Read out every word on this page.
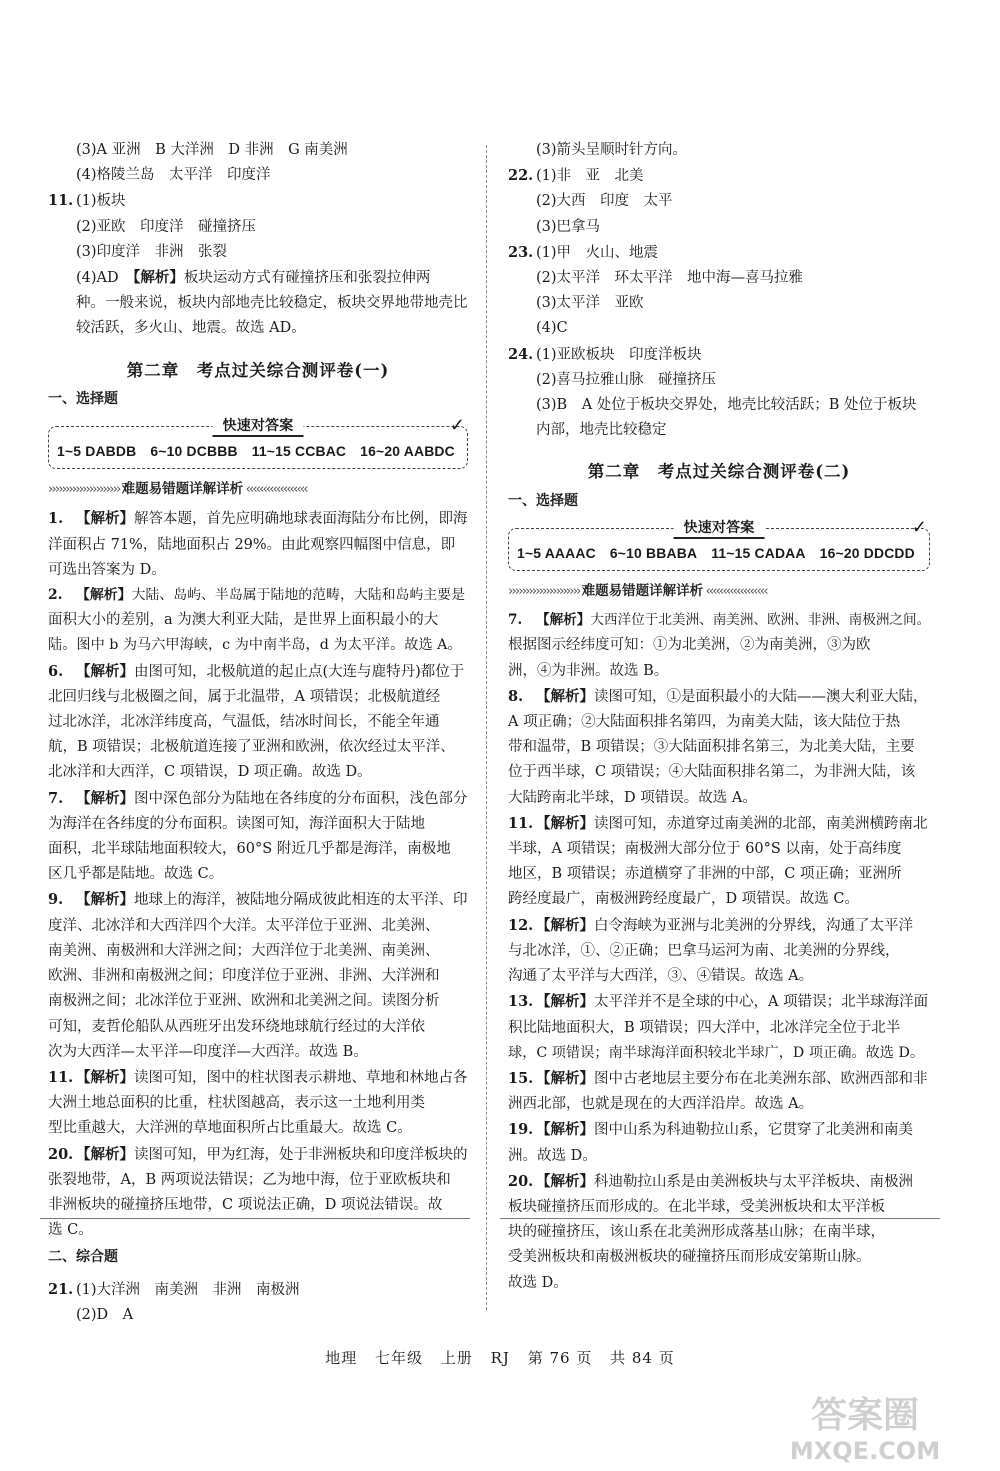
(3)A 亚洲　B 大洋洲　D 非洲　G 南美洲
(4)格陵兰岛　太平洋　印度洋
11. (1)板块
(2)亚欧　印度洋　碰撞挤压
(3)印度洋　非洲　张裂
(4)AD　【解析】板块运动方式有碰撞挤压和张裂拉伸两
种。一般来说，板块内部地壳比较稳定，板块交界地带地壳比
较活跃，多火山、地震。故选 AD。
第二章　考点过关综合测评卷(一)
一、选择题
快速对答案	✓
1~5 DABDB 6~10 DCBBB 11~15 CCBAC 16~20 AABDC
››››››››››››››››››››› 难题易错题详解详析 ‹‹‹‹‹‹‹‹‹‹‹‹‹‹‹‹‹‹
1. 【解析】解答本题，首先应明确地球表面海陆分布比例，即海
洋面积占 71%，陆地面积占 29%。由此观察四幅图中信息，即
可选出答案为 D。
2. 【解析】大陆、岛屿、半岛属于陆地的范畴，大陆和岛屿主要是
面积大小的差别，a 为澳大利亚大陆，是世界上面积最小的大
陆。图中 b 为马六甲海峡，c 为中南半岛，d 为太平洋。故选 A。
6. 【解析】由图可知，北极航道的起止点(大连与鹿特丹)都位于
北回归线与北极圈之间，属于北温带，A 项错误；北极航道经
过北冰洋，北冰洋纬度高，气温低，结冰时间长，不能全年通
航，B 项错误；北极航道连接了亚洲和欧洲，依次经过太平洋、
北冰洋和大西洋，C 项错误，D 项正确。故选 D。
7. 【解析】图中深色部分为陆地在各纬度的分布面积，浅色部分
为海洋在各纬度的分布面积。读图可知，海洋面积大于陆地
面积，北半球陆地面积较大，60°S 附近几乎都是海洋，南极地
区几乎都是陆地。故选 C。
9. 【解析】地球上的海洋，被陆地分隔成彼此相连的太平洋、印
度洋、北冰洋和大西洋四个大洋。太平洋位于亚洲、北美洲、
南美洲、南极洲和大洋洲之间；大西洋位于北美洲、南美洲、
欧洲、非洲和南极洲之间；印度洋位于亚洲、非洲、大洋洲和
南极洲之间；北冰洋位于亚洲、欧洲和北美洲之间。读图分析
可知，麦哲伦船队从西班牙出发环绕地球航行经过的大洋依
次为大西洋—太平洋—印度洋—大西洋。故选 B。
11. 【解析】读图可知，图中的柱状图表示耕地、草地和林地占各
大洲土地总面积的比重，柱状图越高，表示这一土地利用类
型比重越大，大洋洲的草地面积所占比重最大。故选 C。
20. 【解析】读图可知，甲为红海，处于非洲板块和印度洋板块的
张裂地带，A，B 两项说法错误；乙为地中海，位于亚欧板块和
非洲板块的碰撞挤压地带，C 项说法正确，D 项说法错误。故
选 C。
二、综合题
21. (1)大洋洲　南美洲　非洲　南极洲
(2)D　A
(3)箭头呈顺时针方向。
22. (1)非　亚　北美
(2)大西　印度　太平
(3)巴拿马
23. (1)甲　火山、地震
(2)太平洋　环太平洋　地中海—喜马拉雅
(3)太平洋　亚欧
(4)C
24. (1)亚欧板块　印度洋板块
(2)喜马拉雅山脉　碰撞挤压
(3)B　A 处位于板块交界处，地壳比较活跃；B 处位于板块
内部，地壳比较稳定
第二章　考点过关综合测评卷(二)
一、选择题
快速对答案	✓
1~5 AAAAC 6~10 BBABA 11~15 CADAA 16~20 DDCDD
››››››››››››››››››››› 难题易错题详解详析 ‹‹‹‹‹‹‹‹‹‹‹‹‹‹‹‹‹‹
7. 【解析】大西洋位于北美洲、南美洲、欧洲、非洲、南极洲之间。
根据图示经纬度可知：①为北美洲，②为南美洲，③为欧
洲，④为非洲。故选 B。
8. 【解析】读图可知，①是面积最小的大陆——澳大利亚大陆，
A 项正确；②大陆面积排名第四，为南美大陆，该大陆位于热
带和温带，B 项错误；③大陆面积排名第三，为北美大陆，主要
位于西半球，C 项错误；④大陆面积排名第二，为非洲大陆，该
大陆跨南北半球，D 项错误。故选 A。
11. 【解析】读图可知，赤道穿过南美洲的北部，南美洲横跨南北
半球，A 项错误；南极洲大部分位于 60°S 以南，处于高纬度
地区，B 项错误；赤道横穿了非洲的中部，C 项正确；亚洲所
跨经度最广，南极洲跨经度最广，D 项错误。故选 C。
12. 【解析】白令海峡为亚洲与北美洲的分界线，沟通了太平洋
与北冰洋，①、②正确；巴拿马运河为南、北美洲的分界线，
沟通了太平洋与大西洋，③、④错误。故选 A。
13. 【解析】太平洋并不是全球的中心，A 项错误；北半球海洋面
积比陆地面积大，B 项错误；四大洋中，北冰洋完全位于北半
球，C 项错误；南半球海洋面积较北半球广，D 项正确。故选 D。
15. 【解析】图中古老地层主要分布在北美洲东部、欧洲西部和非
洲西北部，也就是现在的大西洋沿岸。故选 A。
19. 【解析】图中山系为科迪勒拉山系，它贯穿了北美洲和南美
洲。故选 D。
20. 【解析】科迪勒拉山系是由美洲板块与太平洋板块、南极洲
板块碰撞挤压而形成的。在北半球，受美洲板块和太平洋板
块的碰撞挤压，该山系在北美洲形成落基山脉；在南半球，
受美洲板块和南极洲板块的碰撞挤压而形成安第斯山脉。
故选 D。
地理 七年级 上册 RJ 第 76 页 共 84 页
答案圈
MXQE.COM
